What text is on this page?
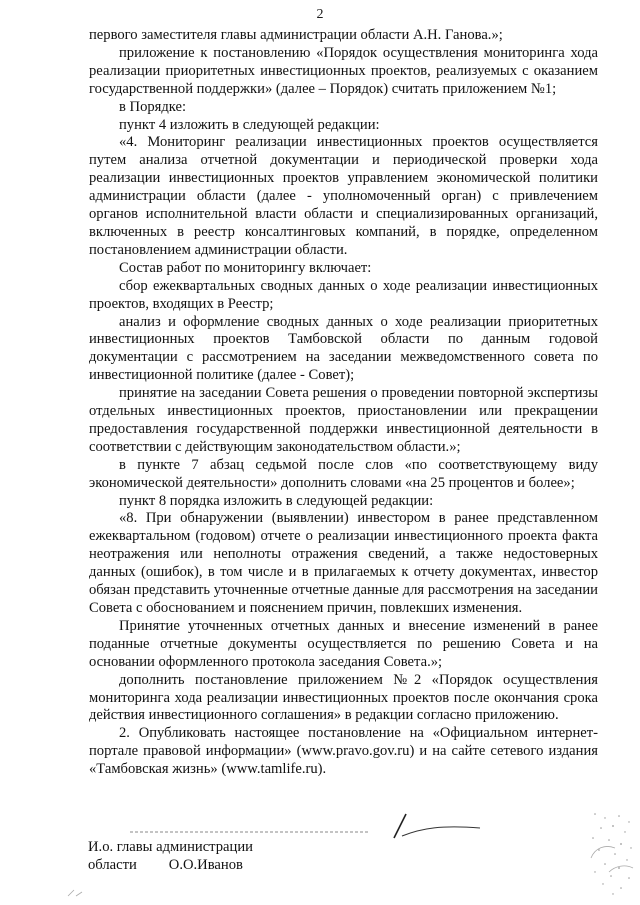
2

первого заместителя главы администрации области А.Н. Ганова.»;

приложение к постановлению «Порядок осуществления мониторинга хода реализации приоритетных инвестиционных проектов, реализуемых с оказанием государственной поддержки» (далее – Порядок) считать приложением №1;

в Порядке:

пункт 4 изложить в следующей редакции:

«4. Мониторинг реализации инвестиционных проектов осуществляется путем анализа отчетной документации и периодической проверки хода реализации инвестиционных проектов управлением экономической политики администрации области (далее - уполномоченный орган) с привлечением органов исполнительной власти области и специализированных организаций, включенных в реестр консалтинговых компаний, в порядке, определенном постановлением администрации области.

Состав работ по мониторингу включает:

сбор ежеквартальных сводных данных о ходе реализации инвестиционных проектов, входящих в Реестр;

анализ и оформление сводных данных о ходе реализации приоритетных инвестиционных проектов Тамбовской области по данным годовой документации с рассмотрением на заседании межведомственного совета по инвестиционной политике (далее - Совет);

принятие на заседании Совета решения о проведении повторной экспертизы отдельных инвестиционных проектов, приостановлении или прекращении предоставления государственной поддержки инвестиционной деятельности в соответствии с действующим законодательством области.»;

в пункте 7 абзац седьмой после слов «по соответствующему виду экономической деятельности» дополнить словами «на 25 процентов и более»;

пункт 8 порядка изложить в следующей редакции:

«8. При обнаружении (выявлении) инвестором в ранее представленном ежеквартальном (годовом) отчете о реализации инвестиционного проекта факта неотражения или неполноты отражения сведений, а также недостоверных данных (ошибок), в том числе и в прилагаемых к отчету документах, инвестор обязан представить уточненные отчетные данные для рассмотрения на заседании Совета с обоснованием и пояснением причин, повлекших изменения.

Принятие уточненных отчетных данных и внесение изменений в ранее поданные отчетные документы осуществляется по решению Совета и на основании оформленного протокола заседания Совета.»;

дополнить постановление приложением №2 «Порядок осуществления мониторинга хода реализации инвестиционных проектов после окончания срока действия инвестиционного соглашения» в редакции согласно приложению.

2. Опубликовать настоящее постановление на «Официальном интернет-портале правовой информации» (www.pravo.gov.ru) и на сайте сетевого издания «Тамбовская жизнь» (www.tamlife.ru).

И.о. главы администрации
области О.О.Иванов
